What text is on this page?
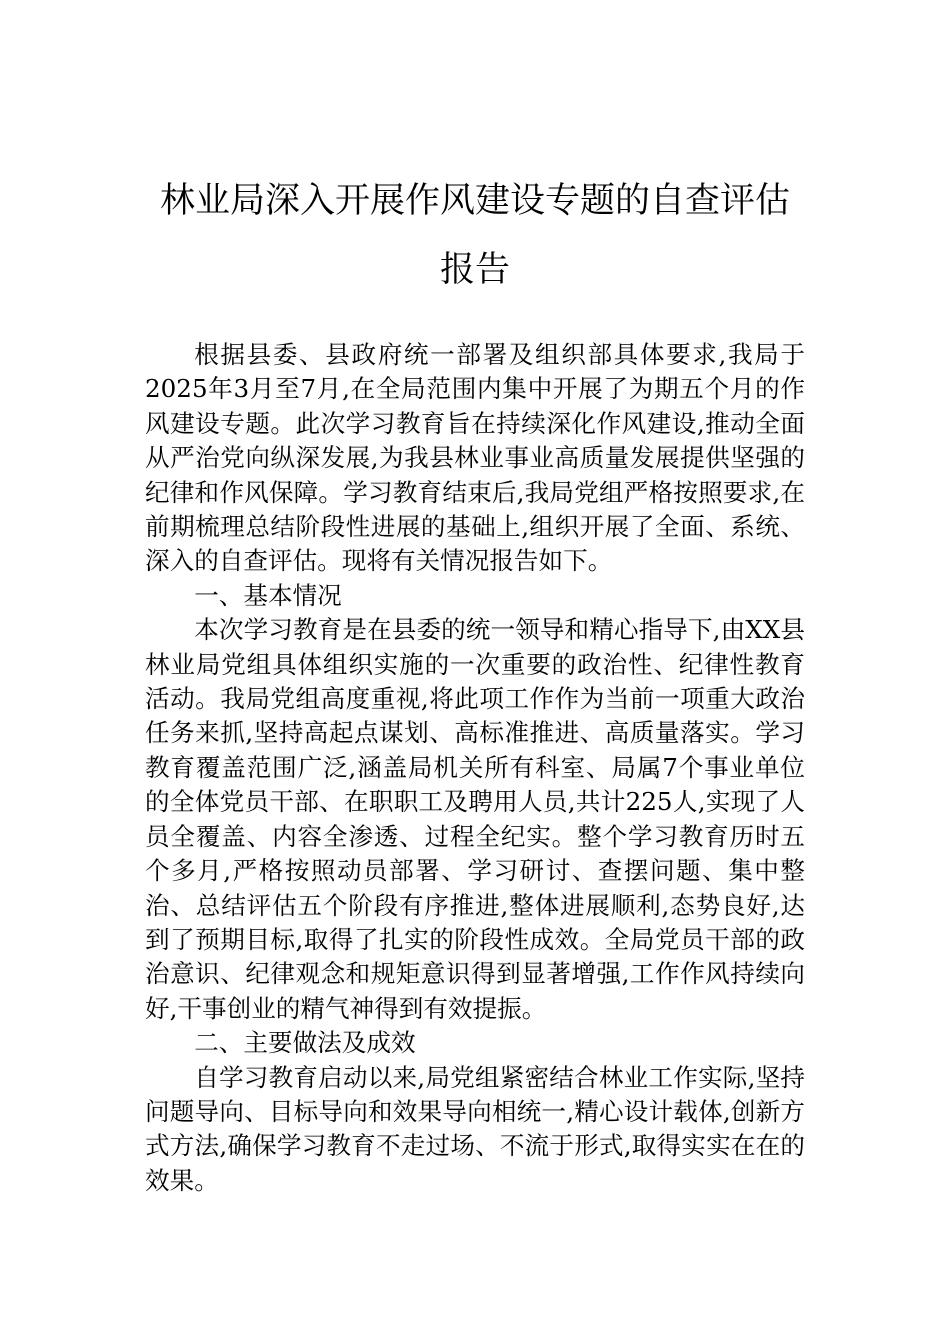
林业局深入开展作风建设专题的自查评估
报告

根据县委、县政府统一部署及组织部具体要求,我局于2025年3月至7月,在全局范围内集中开展了为期五个月的作风建设专题。此次学习教育旨在持续深化作风建设,推动全面从严治党向纵深发展,为我县林业事业高质量发展提供坚强的纪律和作风保障。学习教育结束后,我局党组严格按照要求,在前期梳理总结阶段性进展的基础上,组织开展了全面、系统、深入的自查评估。现将有关情况报告如下。

一、基本情况

本次学习教育是在县委的统一领导和精心指导下,由XX县林业局党组具体组织实施的一次重要的政治性、纪律性教育活动。我局党组高度重视,将此项工作作为当前一项重大政治任务来抓,坚持高起点谋划、高标准推进、高质量落实。学习教育覆盖范围广泛,涵盖局机关所有科室、局属7个事业单位的全体党员干部、在职职工及聘用人员,共计225人,实现了人员全覆盖、内容全渗透、过程全纪实。整个学习教育历时五个多月,严格按照动员部署、学习研讨、查摆问题、集中整治、总结评估五个阶段有序推进,整体进展顺利,态势良好,达到了预期目标,取得了扎实的阶段性成效。全局党员干部的政治意识、纪律观念和规矩意识得到显著增强,工作作风持续向好,干事创业的精气神得到有效提振。

二、主要做法及成效

自学习教育启动以来,局党组紧密结合林业工作实际,坚持问题导向、目标导向和效果导向相统一,精心设计载体,创新方式方法,确保学习教育不走过场、不流于形式,取得实实在在的效果。
